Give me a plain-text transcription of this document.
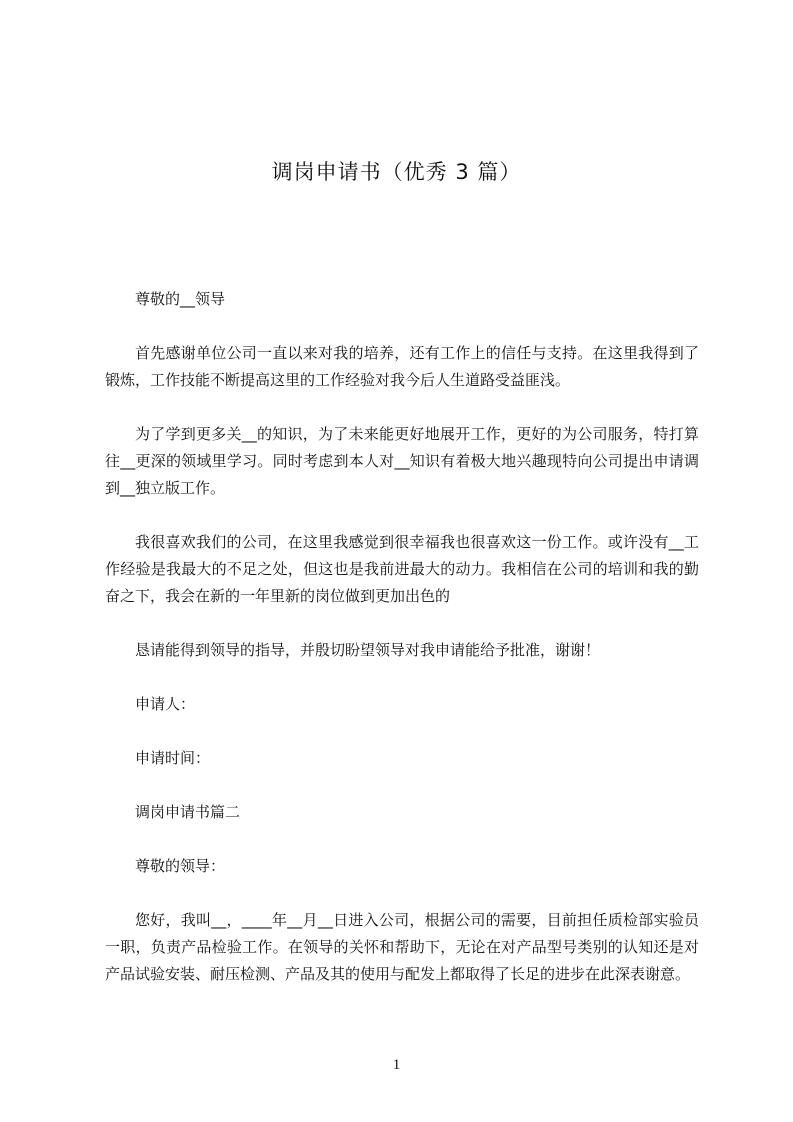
调岗申请书（优秀 3 篇）

尊敬的__领导

首先感谢单位公司一直以来对我的培养，还有工作上的信任与支持。在这里我得到了锻炼，工作技能不断提高这里的工作经验对我今后人生道路受益匪浅。

为了学到更多关__的知识，为了未来能更好地展开工作，更好的为公司服务，特打算往__更深的领域里学习。同时考虑到本人对__知识有着极大地兴趣现特向公司提出申请调到__独立版工作。

我很喜欢我们的公司，在这里我感觉到很幸福我也很喜欢这一份工作。或许没有__工作经验是我最大的不足之处，但这也是我前进最大的动力。我相信在公司的培训和我的勤奋之下，我会在新的一年里新的岗位做到更加出色的

恳请能得到领导的指导，并殷切盼望领导对我申请能给予批准，谢谢！

申请人：

申请时间：

调岗申请书篇二

尊敬的领导：

您好，我叫__，____年__月__日进入公司，根据公司的需要，目前担任质检部实验员一职，负责产品检验工作。在领导的关怀和帮助下，无论在对产品型号类别的认知还是对产品试验安装、耐压检测、产品及其的使用与配发上都取得了长足的进步在此深表谢意。

1
